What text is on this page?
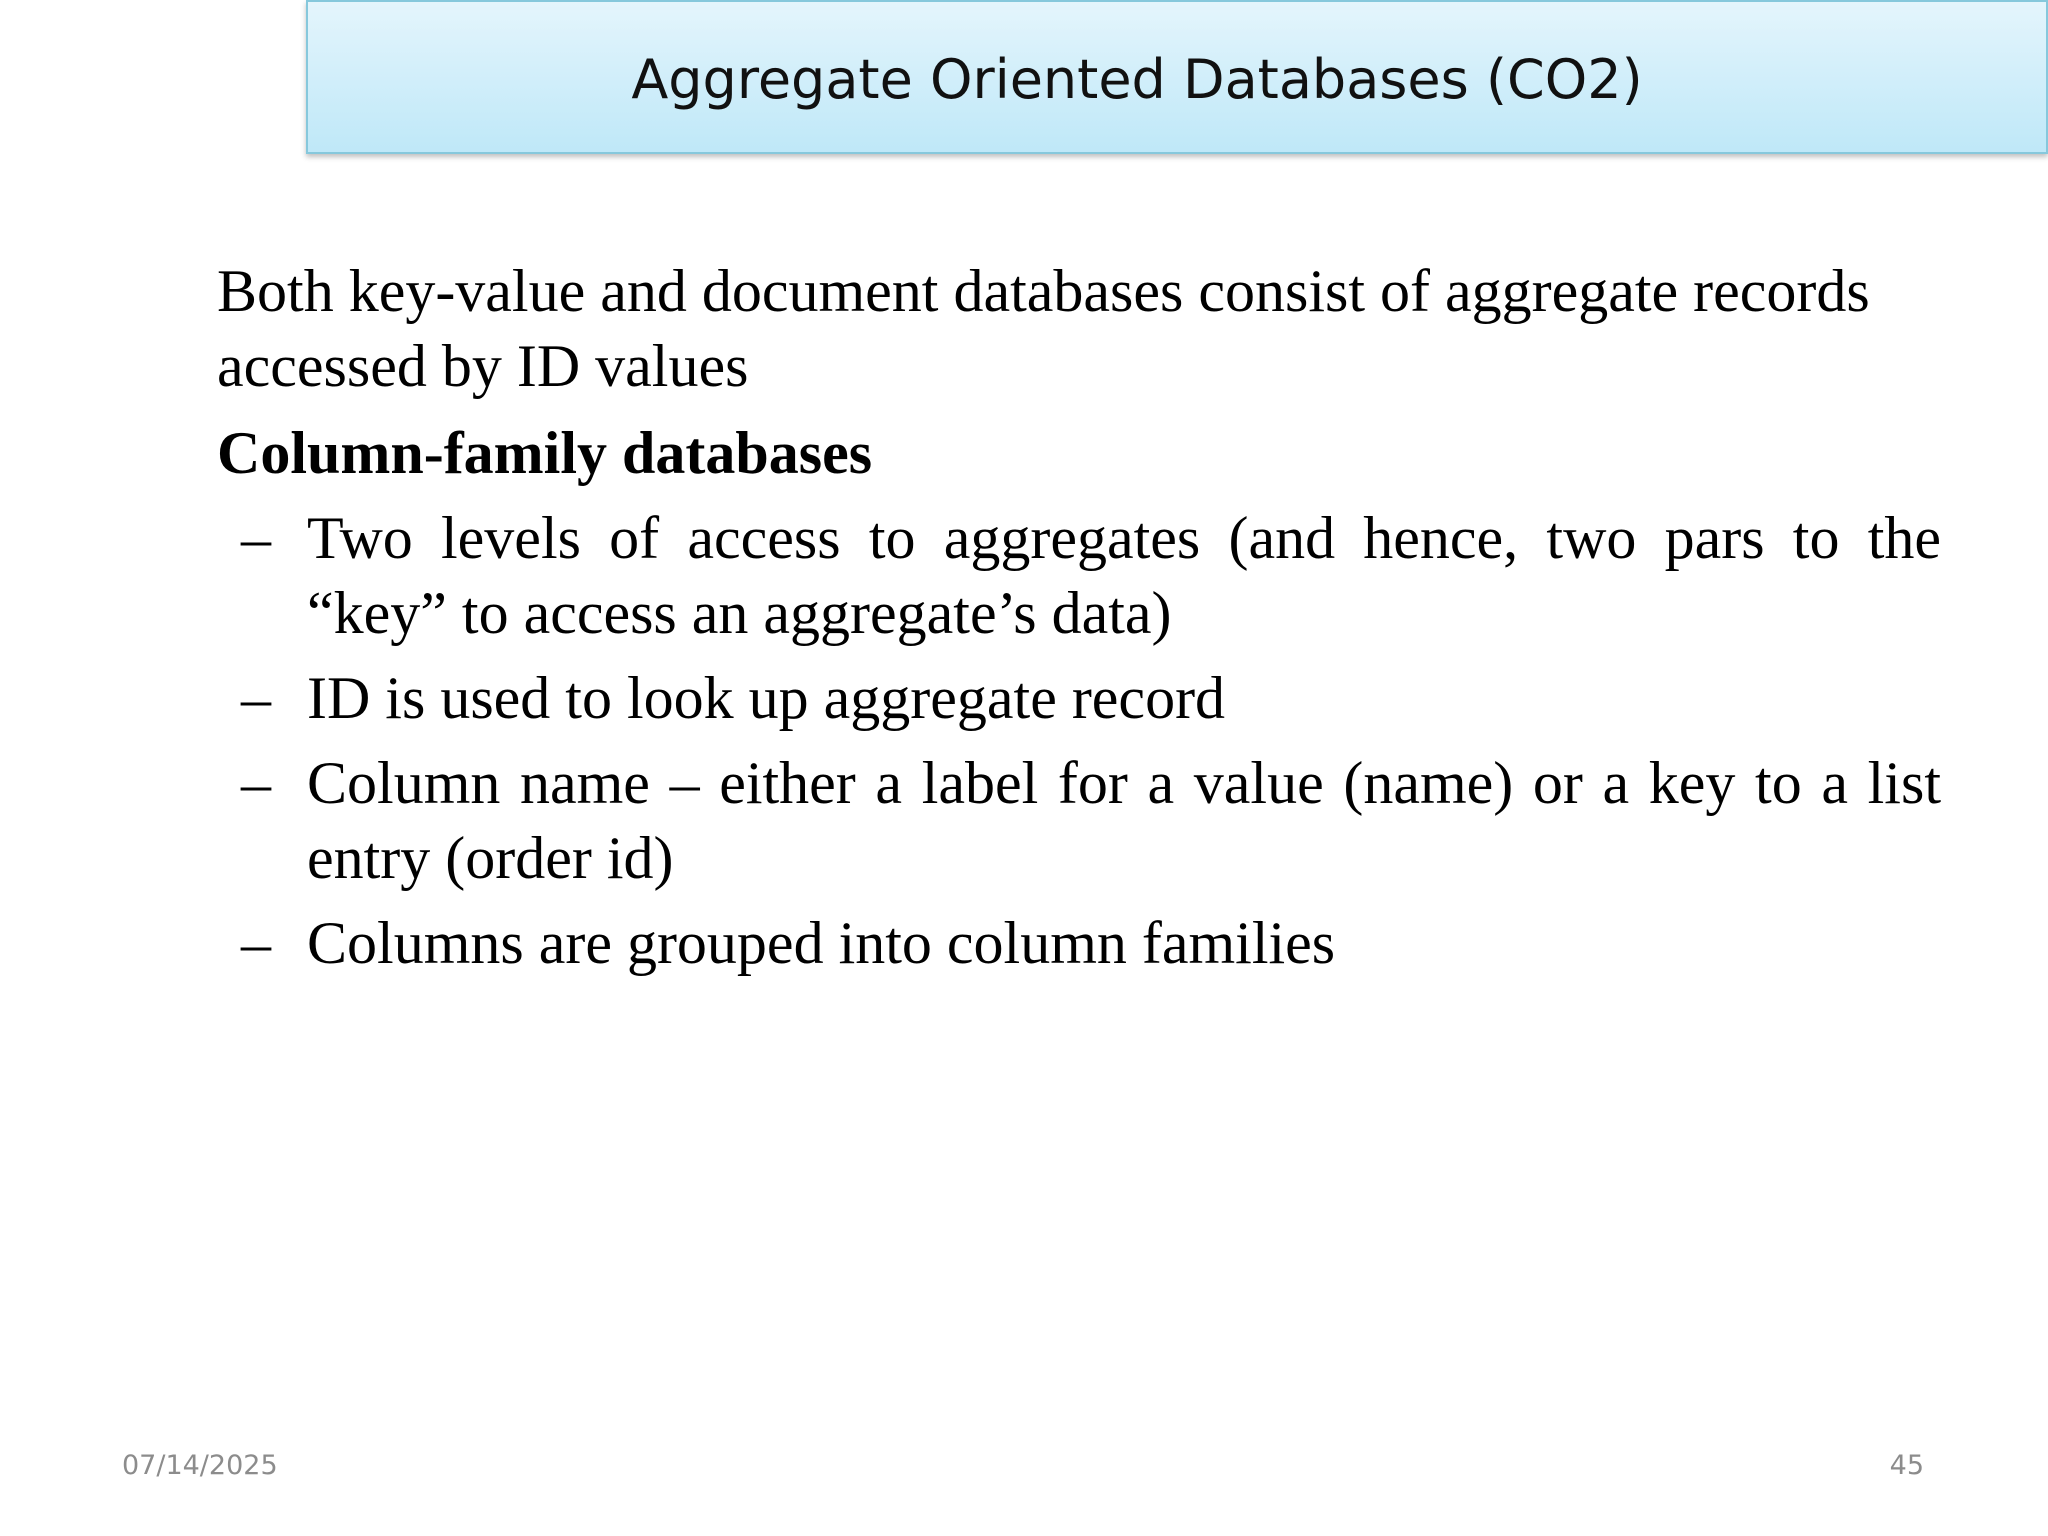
Aggregate Oriented Databases (CO2)
Both key-value and document databases consist of aggregate records accessed by ID values
Column-family databases
– Two levels of access to aggregates (and hence, two pars to the “key” to access an aggregate’s data)
– ID is used to look up aggregate record
– Column name – either a label for a value (name) or a key to a list entry (order id)
– Columns are grouped into column families
07/14/2025	45
